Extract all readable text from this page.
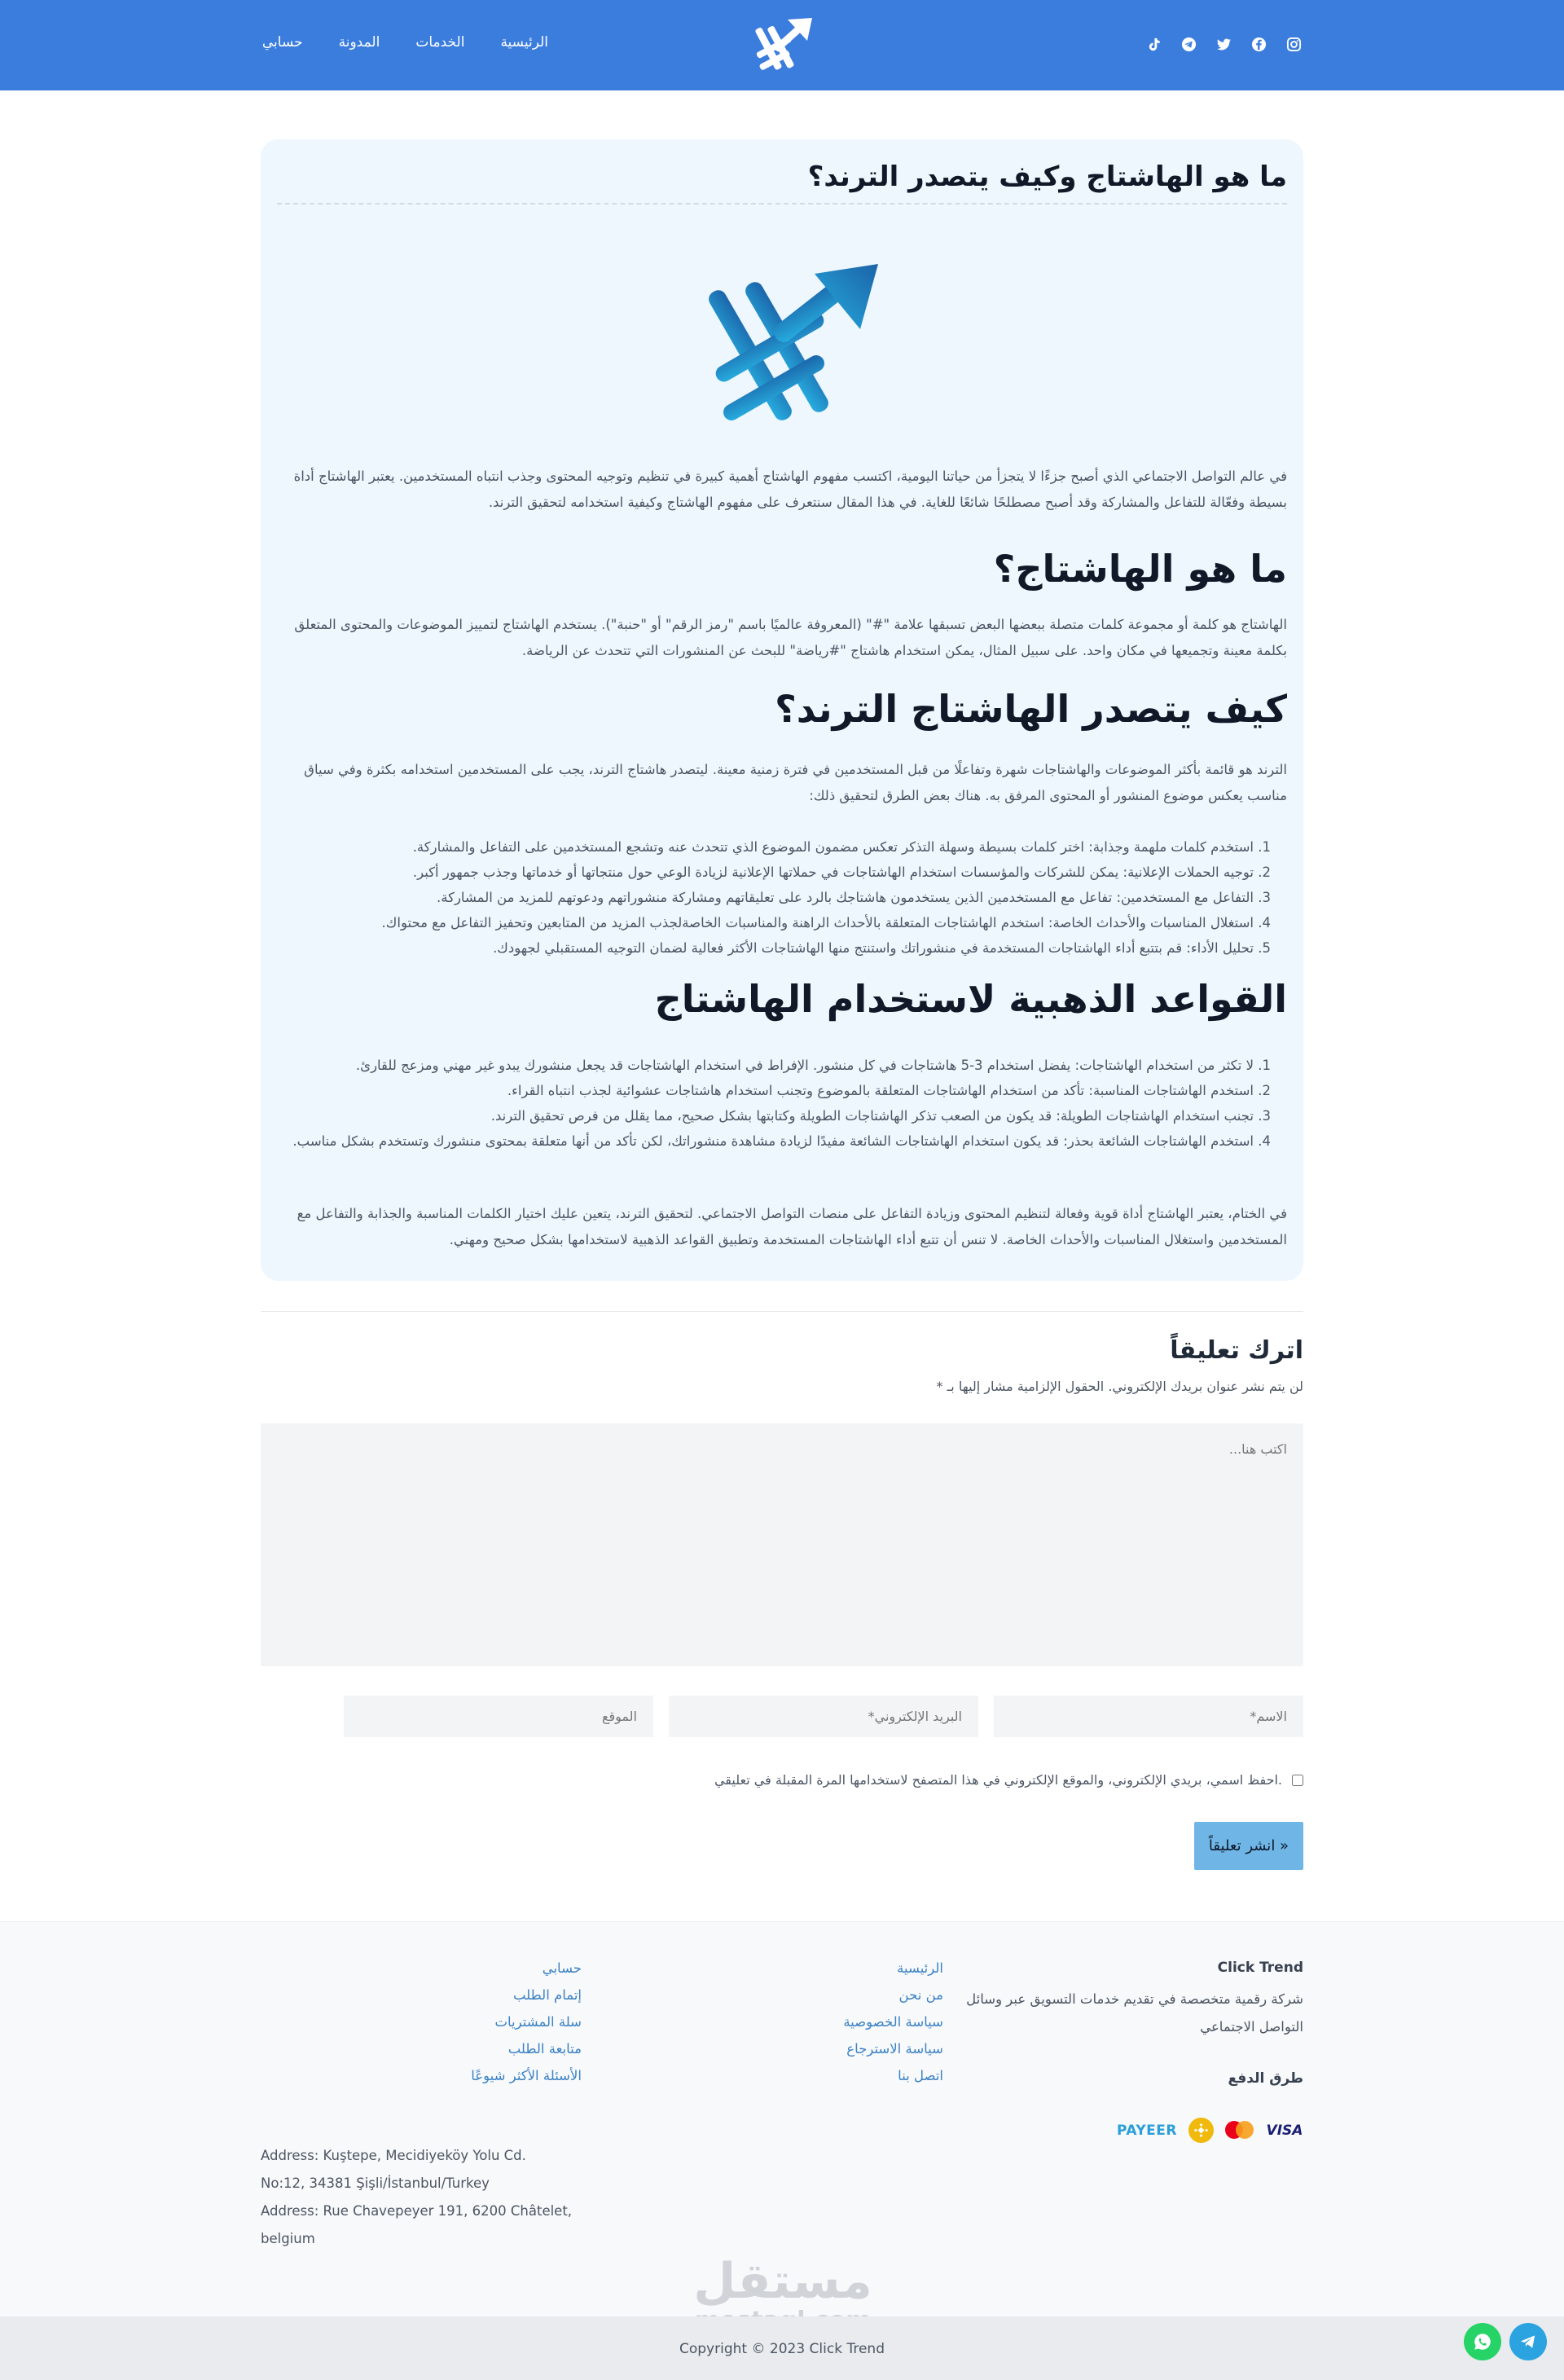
الرئيسية
الخدمات
المدونة
حسابي
ما هو الهاشتاج وكيف يتصدر الترند؟

في عالم التواصل الاجتماعي الذي أصبح جزءًا لا يتجزأ من حياتنا اليومية، اكتسب مفهوم الهاشتاج أهمية كبيرة في تنظيم وتوجيه المحتوى وجذب انتباه المستخدمين. يعتبر الهاشتاج أداة بسيطة وفعّالة للتفاعل والمشاركة وقد أصبح مصطلحًا شائعًا للغاية. في هذا المقال سنتعرف على مفهوم الهاشتاج وكيفية استخدامه لتحقيق الترند.

ما هو الهاشتاج؟

الهاشتاج هو كلمة أو مجموعة كلمات متصلة ببعضها البعض تسبقها علامة "#" (المعروفة عالميًا باسم "رمز الرقم" أو "حنبة"). يستخدم الهاشتاج لتمييز الموضوعات والمحتوى المتعلق بكلمة معينة وتجميعها في مكان واحد. على سبيل المثال، يمكن استخدام هاشتاج "#رياضة" للبحث عن المنشورات التي تتحدث عن الرياضة.

كيف يتصدر الهاشتاج الترند؟

الترند هو قائمة بأكثر الموضوعات والهاشتاجات شهرة وتفاعلًا من قبل المستخدمين في فترة زمنية معينة. ليتصدر هاشتاج الترند، يجب على المستخدمين استخدامه بكثرة وفي سياق مناسب يعكس موضوع المنشور أو المحتوى المرفق به. هناك بعض الطرق لتحقيق ذلك:

1. استخدم كلمات ملهمة وجذابة: اختر كلمات بسيطة وسهلة التذكر تعكس مضمون الموضوع الذي تتحدث عنه وتشجع المستخدمين على التفاعل والمشاركة.
2. توجيه الحملات الإعلانية: يمكن للشركات والمؤسسات استخدام الهاشتاجات في حملاتها الإعلانية لزيادة الوعي حول منتجاتها أو خدماتها وجذب جمهور أكبر.
3. التفاعل مع المستخدمين: تفاعل مع المستخدمين الذين يستخدمون هاشتاجك بالرد على تعليقاتهم ومشاركة منشوراتهم ودعوتهم للمزيد من المشاركة.
4. استغلال المناسبات والأحداث الخاصة: استخدم الهاشتاجات المتعلقة بالأحداث الراهنة والمناسبات الخاصةلجذب المزيد من المتابعين وتحفيز التفاعل مع محتواك.
5. تحليل الأداء: قم بتتبع أداء الهاشتاجات المستخدمة في منشوراتك واستنتج منها الهاشتاجات الأكثر فعالية لضمان التوجيه المستقبلي لجهودك.
القواعد الذهبية لاستخدام الهاشتاج
1. لا تكثر من استخدام الهاشتاجات: يفضل استخدام 3-5 هاشتاجات في كل منشور. الإفراط في استخدام الهاشتاجات قد يجعل منشورك يبدو غير مهني ومزعج للقارئ.
2. استخدم الهاشتاجات المناسبة: تأكد من استخدام الهاشتاجات المتعلقة بالموضوع وتجنب استخدام هاشتاجات عشوائية لجذب انتباه القراء.
3. تجنب استخدام الهاشتاجات الطويلة: قد يكون من الصعب تذكر الهاشتاجات الطويلة وكتابتها بشكل صحيح، مما يقلل من فرص تحقيق الترند.
4. استخدم الهاشتاجات الشائعة بحذر: قد يكون استخدام الهاشتاجات الشائعة مفيدًا لزيادة مشاهدة منشوراتك، لكن تأكد من أنها متعلقة بمحتوى منشورك وتستخدم بشكل مناسب.

في الختام، يعتبر الهاشتاج أداة قوية وفعالة لتنظيم المحتوى وزيادة التفاعل على منصات التواصل الاجتماعي. لتحقيق الترند، يتعين عليك اختيار الكلمات المناسبة والجذابة والتفاعل مع المستخدمين واستغلال المناسبات والأحداث الخاصة. لا تنس أن تتبع أداء الهاشتاجات المستخدمة وتطبيق القواعد الذهبية لاستخدامها بشكل صحيح ومهني.

اترك تعليقاً

لن يتم نشر عنوان بريدك الإلكتروني. الحقول الإلزامية مشار إليها بـ *

اكتب هنا...
الاسم*
البريد الإلكتروني*
الموقع
احفظ اسمي، بريدي الإلكتروني، والموقع الإلكتروني في هذا المتصفح لاستخدامها المرة المقبلة في تعليقي.
انشر تعليقاً »
Click Trend

شركة رقمية متخصصة في تقديم خدمات التسويق عبر وسائل التواصل الاجتماعي

طرق الدفع
VISA
PAYEER
الرئيسية
من نحن
سياسة الخصوصية
سياسة الاسترجاع
اتصل بنا
حسابي
إتمام الطلب
سلة المشتريات
متابعة الطلب
الأسئلة الأكثر شيوعًا
Address: Kuştepe, Mecidiyeköy Yolu Cd.
No:12, 34381 Şişli/İstanbul/Turkey
Address: Rue Chavepeyer 191, 6200 Châtelet,
belgium
مستقل
Copyright © 2023 Click Trend
